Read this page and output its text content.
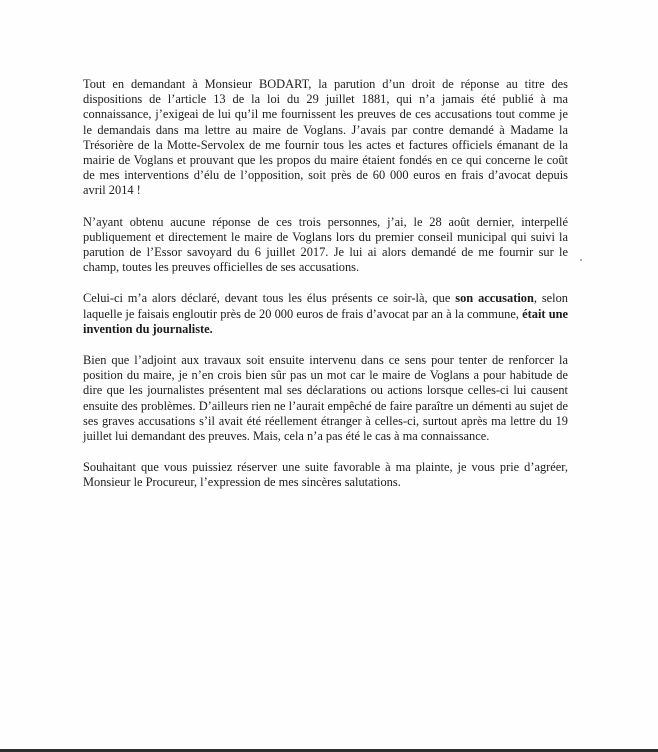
Tout en demandant à Monsieur BODART, la parution d’un droit de réponse au titre des dispositions de l’article 13 de la loi du 29 juillet 1881, qui n’a jamais été publié à ma connaissance, j’exigeai de lui qu’il me fournissent les preuves de ces accusations tout comme je le demandais dans ma lettre au maire de Voglans. J’avais par contre demandé à Madame la Trésorière de la Motte-Servolex de me fournir tous les actes et factures officiels émanant de la mairie de Voglans et prouvant que les propos du maire étaient fondés en ce qui concerne le coût de mes interventions d’élu de l’opposition, soit près de 60 000 euros en frais d’avocat depuis avril 2014 !

N’ayant obtenu aucune réponse de ces trois personnes, j’ai, le 28 août dernier, interpellé publiquement et directement le maire de Voglans lors du premier conseil municipal qui suivi la parution de l’Essor savoyard du 6 juillet 2017. Je lui ai alors demandé de me fournir sur le champ, toutes les preuves officielles de ses accusations.

Celui-ci m’a alors déclaré, devant tous les élus présents ce soir-là, que son accusation, selon laquelle je faisais engloutir près de 20 000 euros de frais d’avocat par an à la commune, était une invention du journaliste.

Bien que l’adjoint aux travaux soit ensuite intervenu dans ce sens pour tenter de renforcer la position du maire, je n’en crois bien sûr pas un mot car le maire de Voglans a pour habitude de dire que les journalistes présentent mal ses déclarations ou actions lorsque celles-ci lui causent ensuite des problèmes. D’ailleurs rien ne l’aurait empêché de faire paraître un démenti au sujet de ses graves accusations s’il avait été réellement étranger à celles-ci, surtout après ma lettre du 19 juillet lui demandant des preuves. Mais, cela n’a pas été le cas à ma connaissance.

Souhaitant que vous puissiez réserver une suite favorable à ma plainte, je vous prie d’agréer, Monsieur le Procureur, l’expression de mes sincères salutations.
